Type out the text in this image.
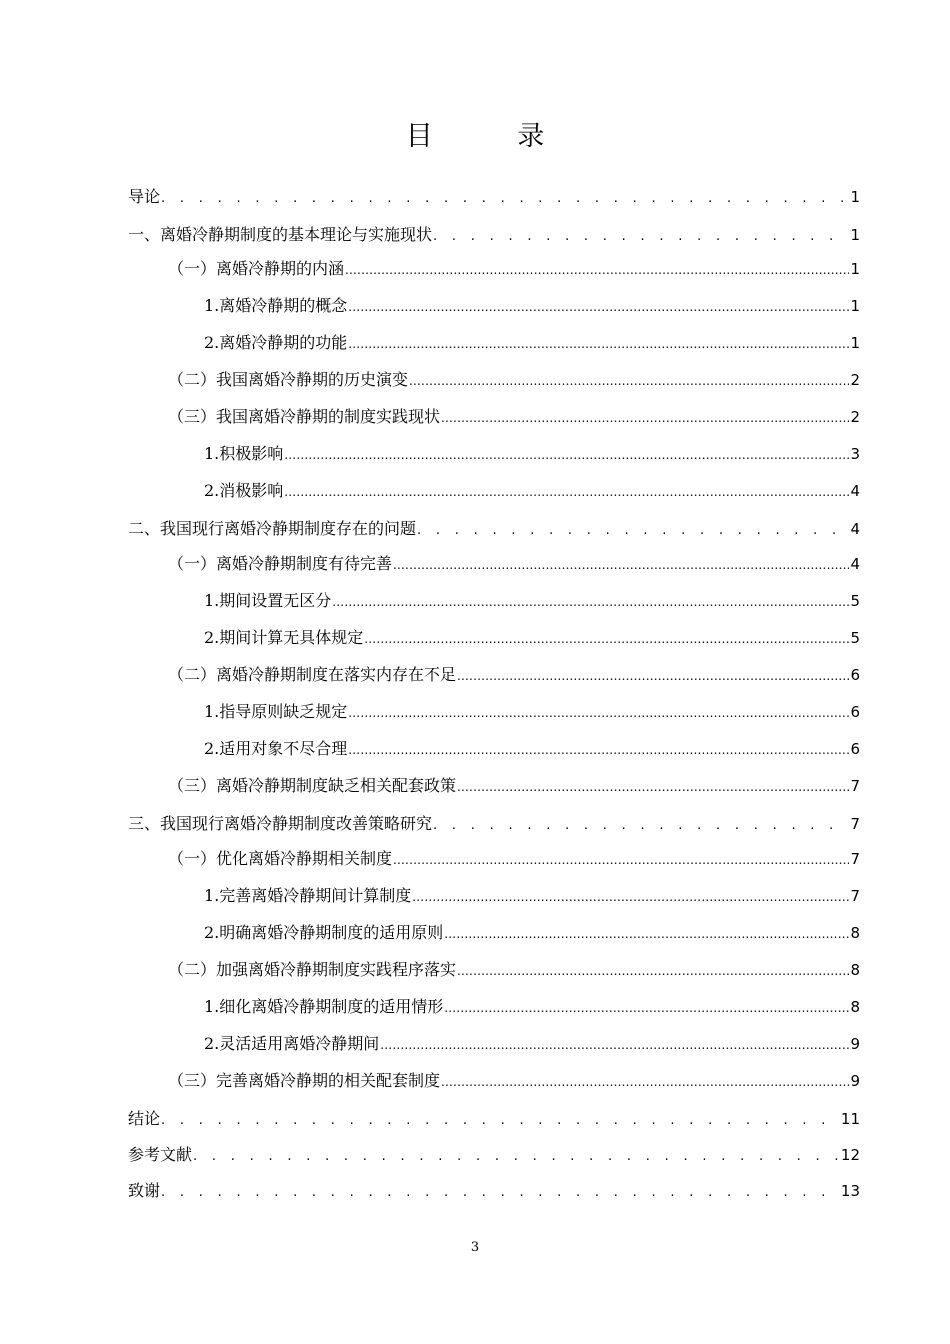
目 录
导论 . . .	1
一、离婚冷静期制度的基本理论与实施现状 . . .	1
（一）离婚冷静期的内涵 .....	1
1.离婚冷静期的概念 .....	1
2.离婚冷静期的功能 .....	1
（二）我国离婚冷静期的历史演变 .....	2
（三）我国离婚冷静期的制度实践现状 .....	2
1.积极影响 .....	3
2.消极影响 .....	4
二、我国现行离婚冷静期制度存在的问题 . . .	4
（一）离婚冷静期制度有待完善 .....	4
1.期间设置无区分 .....	5
2.期间计算无具体规定 .....	5
（二）离婚冷静期制度在落实内存在不足 .....	6
1.指导原则缺乏规定 .....	6
2.适用对象不尽合理 .....	6
（三）离婚冷静期制度缺乏相关配套政策 .....	7
三、我国现行离婚冷静期制度改善策略研究 . . .	7
（一）优化离婚冷静期相关制度 .....	7
1.完善离婚冷静期间计算制度 .....	7
2.明确离婚冷静期制度的适用原则 .....	8
（二）加强离婚冷静期制度实践程序落实 .....	8
1.细化离婚冷静期制度的适用情形 .....	8
2.灵活适用离婚冷静期间 .....	9
（三）完善离婚冷静期的相关配套制度 .....	9
结论 . . .	11
参考文献 . . .	12
致谢 . . .	13
3
